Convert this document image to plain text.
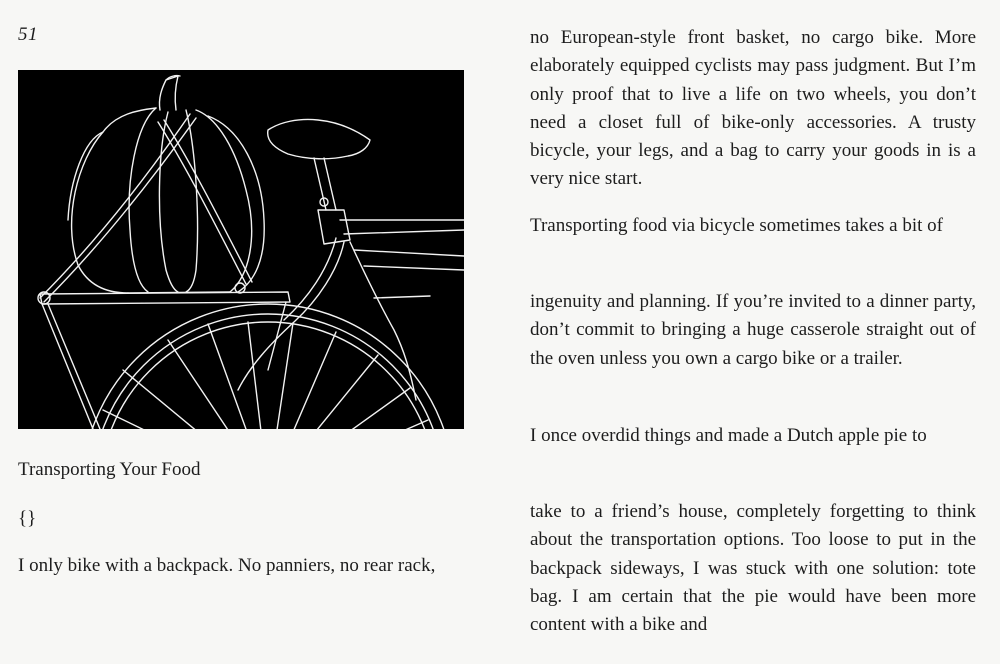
51
Transporting Your Food
{}

I only bike with a backpack. No panniers, no rear rack,

no European-style front basket, no cargo bike. More elaborately equipped cyclists may pass judgment. But I’m only proof that to live a life on two wheels, you don’t need a closet full of bike-only accessories. A trusty bicycle, your legs, and a bag to carry your goods in is a very nice start.

Transporting food via bicycle sometimes takes a bit of

ingenuity and planning. If you’re invited to a dinner party, don’t commit to bringing a huge casserole straight out of the oven unless you own a cargo bike or a trailer.

I once overdid things and made a Dutch apple pie to

take to a friend’s house, completely forgetting to think about the transportation options. Too loose to put in the backpack sideways, I was stuck with one solution: tote bag. I am certain that the pie would have been more content with a bike and
